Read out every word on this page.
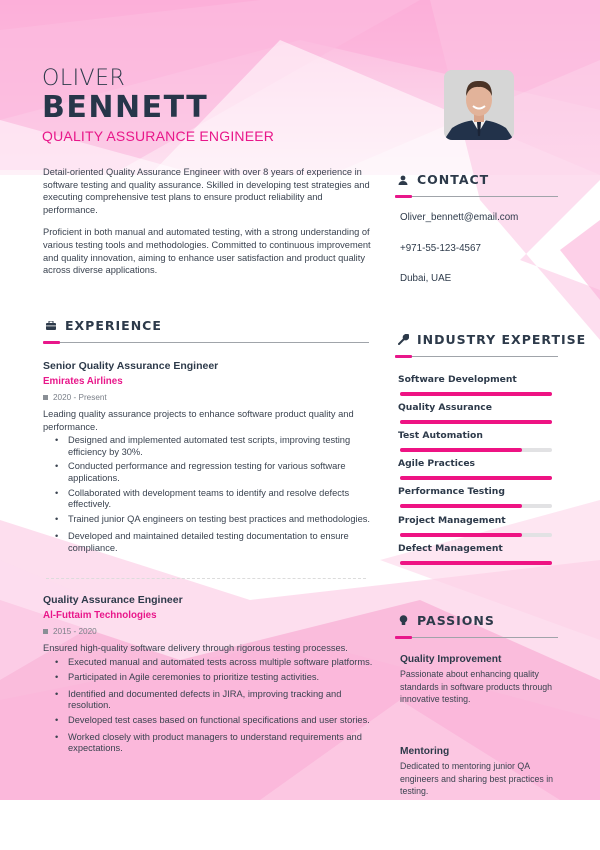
OLIVER
BENNETT
QUALITY ASSURANCE ENGINEER

Detail-oriented Quality Assurance Engineer with over 8 years of experience in software testing and quality assurance. Skilled in developing test strategies and executing comprehensive test plans to ensure product reliability and performance.

Proficient in both manual and automated testing, with a strong understanding of various testing tools and methodologies. Committed to continuous improvement and quality innovation, aiming to enhance user satisfaction and product quality across diverse applications.

CONTACT
Oliver_bennett@email.com
+971-55-123-4567
Dubai, UAE
EXPERIENCE
Senior Quality Assurance Engineer
Emirates Airlines
2020 - Present
Leading quality assurance projects to enhance software product quality and performance.
• Designed and implemented automated test scripts, improving testing efficiency by 30%.
• Conducted performance and regression testing for various software applications.
• Collaborated with development teams to identify and resolve defects effectively.
• Trained junior QA engineers on testing best practices and methodologies.
• Developed and maintained detailed testing documentation to ensure compliance.
Quality Assurance Engineer
Al-Futtaim Technologies
2015 - 2020
Ensured high-quality software delivery through rigorous testing processes.
• Executed manual and automated tests across multiple software platforms.
• Participated in Agile ceremonies to prioritize testing activities.
• Identified and documented defects in JIRA, improving tracking and resolution.
• Developed test cases based on functional specifications and user stories.
• Worked closely with product managers to understand requirements and expectations.
INDUSTRY EXPERTISE
Software Development
Quality Assurance
Test Automation
Agile Practices
Performance Testing
Project Management
Defect Management
PASSIONS
Quality Improvement
Passionate about enhancing quality standards in software products through innovative testing.
Mentoring
Dedicated to mentoring junior QA engineers and sharing best practices in testing.
